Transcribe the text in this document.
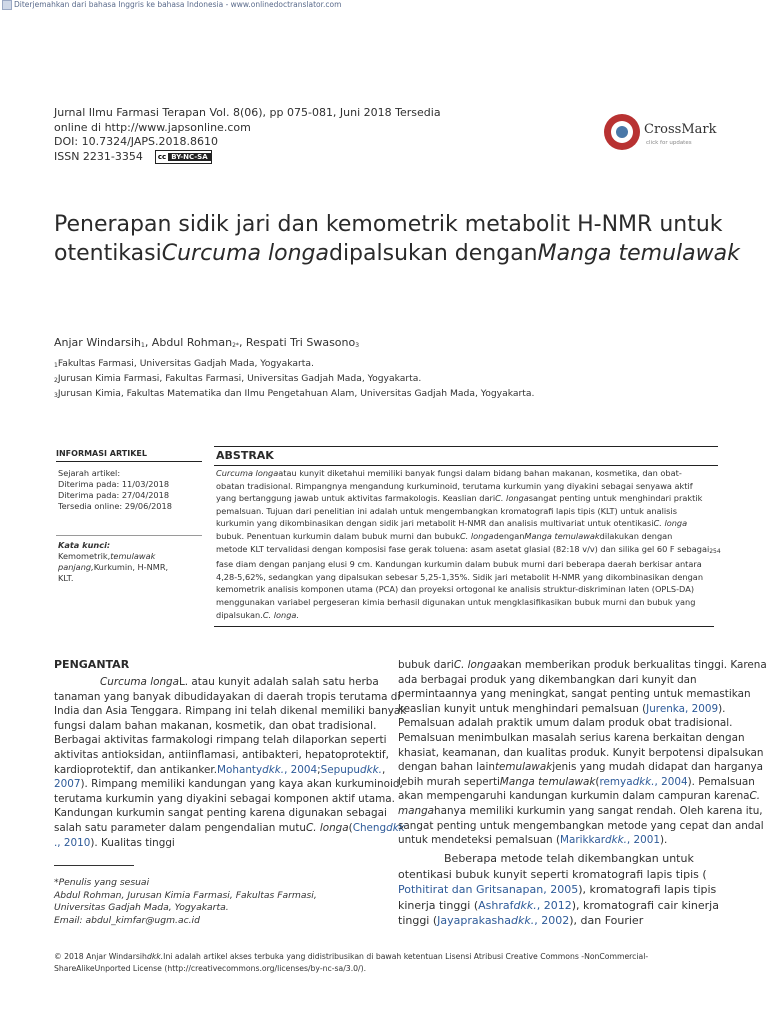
Diterjemahkan dari bahasa Inggris ke bahasa Indonesia - www.onlinedoctranslator.com
Jurnal Ilmu Farmasi Terapan Vol. 8(06), pp 075-081, Juni 2018 Tersedia
online di http://www.japsonline.com
DOI: 10.7324/JAPS.2018.8610
ISSN 2231-3354 cc BY-NC-SA
CrossMark
click for updates
Penerapan sidik jari dan kemometrik metabolit H-NMR untuk
otentikasiCurcuma longadipalsukan denganManga temulawak
Anjar Windarsih$_1$, Abdul Rohman$_{2*}$, Respati Tri Swasono$_3$
$_1$Fakultas Farmasi, Universitas Gadjah Mada, Yogyakarta.
$_2$Jurusan Kimia Farmasi, Fakultas Farmasi, Universitas Gadjah Mada, Yogyakarta.
$_3$Jurusan Kimia, Fakultas Matematika dan Ilmu Pengetahuan Alam, Universitas Gadjah Mada, Yogyakarta.
INFORMASI ARTIKEL
Sejarah artikel:
Diterima pada: 11/03/2018
Diterima pada: 27/04/2018
Tersedia online: 29/06/2018
Kata kunci:
Kemometrik,temulawak
panjang,Kurkumin, H-NMR,
KLT.
ABSTRAK
Curcuma longaatau kunyit diketahui memiliki banyak fungsi dalam bidang bahan makanan, kosmetika, dan obat-
obatan tradisional. Rimpangnya mengandung kurkuminoid, terutama kurkumin yang diyakini sebagai senyawa aktif
yang bertanggung jawab untuk aktivitas farmakologis. Keaslian dariC. longasangat penting untuk menghindari praktik
pemalsuan. Tujuan dari penelitian ini adalah untuk mengembangkan kromatografi lapis tipis (KLT) untuk analisis
kurkumin yang dikombinasikan dengan sidik jari metabolit H-NMR dan analisis multivariat untuk otentikasiC. longa
bubuk. Penentuan kurkumin dalam bubuk murni dan bubukC. longadenganManga temulawakdilakukan dengan
metode KLT tervalidasi dengan komposisi fase gerak toluena: asam asetat glasial (82:18 v/v) dan silika gel 60 F sebagai$_{254}$
fase diam dengan panjang elusi 9 cm. Kandungan kurkumin dalam bubuk murni dari beberapa daerah berkisar antara
4,28-5,62%, sedangkan yang dipalsukan sebesar 5,25-1,35%. Sidik jari metabolit H-NMR yang dikombinasikan dengan
kemometrik analisis komponen utama (PCA) dan proyeksi ortogonal ke analisis struktur-diskriminan laten (OPLS-DA)
menggunakan variabel pergeseran kimia berhasil digunakan untuk mengklasifikasikan bubuk murni dan bubuk yang
dipalsukan.C. longa.
PENGANTAR
Curcuma longaL. atau kunyit adalah salah satu herba
tanaman yang banyak dibudidayakan di daerah tropis terutama di
India dan Asia Tenggara. Rimpang ini telah dikenal memiliki banyak
fungsi dalam bahan makanan, kosmetik, dan obat tradisional.
Berbagai aktivitas farmakologi rimpang telah dilaporkan seperti
aktivitas antioksidan, antiinflamasi, antibakteri, hepatoprotektif,
kardioprotektif, dan antikanker.Mohantydkk., 2004;Sepupudkk.,
2007). Rimpang memiliki kandungan yang kaya akan kurkuminoid,
terutama kurkumin yang diyakini sebagai komponen aktif utama.
Kandungan kurkumin sangat penting karena digunakan sebagai
salah satu parameter dalam pengendalian mutuC. longa(Chengdkk
., 2010). Kualitas tinggi
bubuk dariC. longaakan memberikan produk berkualitas tinggi. Karena
ada berbagai produk yang dikembangkan dari kunyit dan
permintaannya yang meningkat, sangat penting untuk memastikan
keaslian kunyit untuk menghindari pemalsuan (Jurenka, 2009).
Pemalsuan adalah praktik umum dalam produk obat tradisional.
Pemalsuan menimbulkan masalah serius karena berkaitan dengan
khasiat, keamanan, dan kualitas produk. Kunyit berpotensi dipalsukan
dengan bahan laintemulawakjenis yang mudah didapat dan harganya
lebih murah sepertiManga temulawak(remyadkk., 2004). Pemalsuan
akan mempengaruhi kandungan kurkumin dalam campuran karenaC.
mangahanya memiliki kurkumin yang sangat rendah. Oleh karena itu,
sangat penting untuk mengembangkan metode yang cepat dan andal
untuk mendeteksi pemalsuan (Marikkardkk., 2001).
Beberapa metode telah dikembangkan untuk
otentikasi bubuk kunyit seperti kromatografi lapis tipis (
Pothitirat dan Gritsanapan, 2005), kromatografi lapis tipis
kinerja tinggi (Ashrafdkk., 2012), kromatografi cair kinerja
tinggi (Jayaprakashadkk., 2002), dan Fourier
*Penulis yang sesuai
Abdul Rohman, Jurusan Kimia Farmasi, Fakultas Farmasi,
Universitas Gadjah Mada, Yogyakarta.
Email: abdul_kimfar@ugm.ac.id
© 2018 Anjar Windarsihdkk.Ini adalah artikel akses terbuka yang didistribusikan di bawah ketentuan Lisensi Atribusi Creative Commons -NonCommercial-
ShareAlikeUnported License (http://creativecommons.org/licenses/by-nc-sa/3.0/).
